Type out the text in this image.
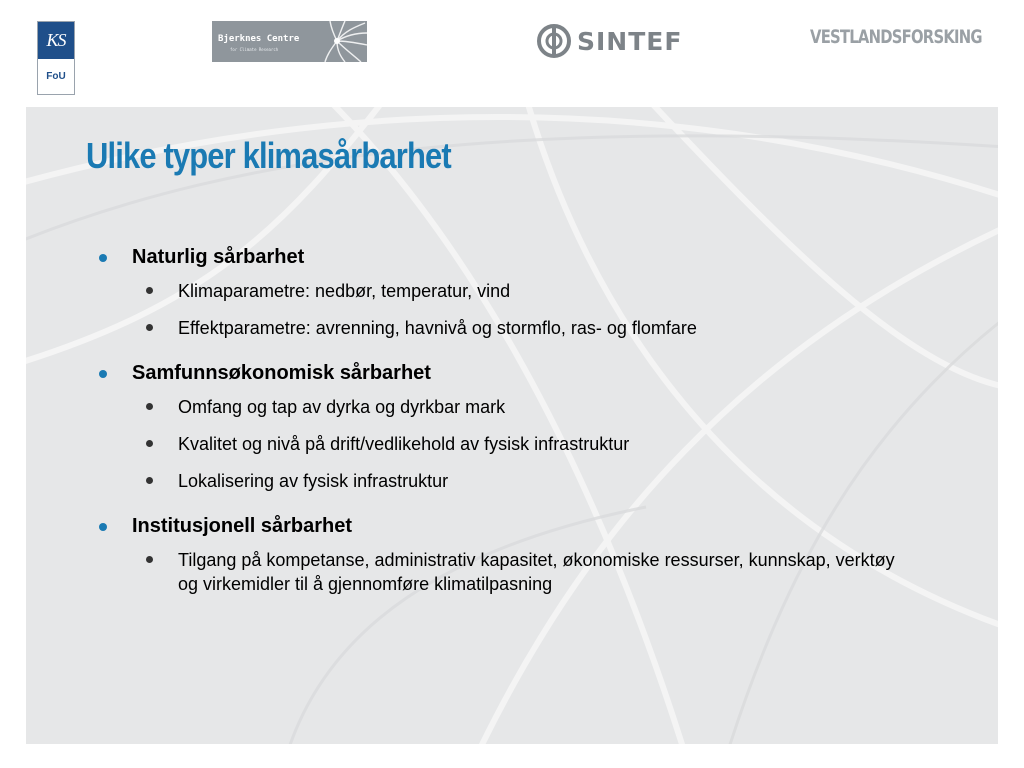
KS
FoU
Bjerknes Centre
for Climate Research	SINTEF	VESTLANDSFORSKING
Ulike typer klimasårbarhet
Naturlig sårbarhet
Klimaparametre: nedbør, temperatur, vind
Effektparametre: avrenning, havnivå og stormflo, ras- og flomfare
Samfunnsøkonomisk sårbarhet
Omfang og tap av dyrka og dyrkbar mark
Kvalitet og nivå på drift/vedlikehold av fysisk infrastruktur
Lokalisering av fysisk infrastruktur
Institusjonell sårbarhet
Tilgang på kompetanse, administrativ kapasitet, økonomiske ressurser, kunnskap, verktøy og virkemidler til å gjennomføre klimatilpasning
